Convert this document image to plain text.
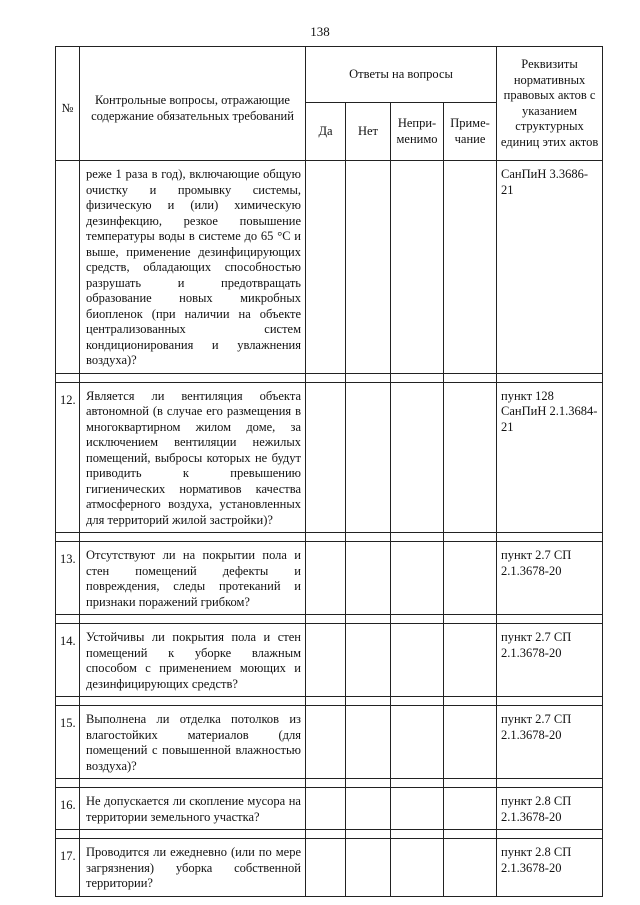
138
№	Контрольные вопросы, отражающие содержание обязательных требований	Ответы на вопросы				Реквизиты нормативных правовых актов с указанием структурных единиц этих актов
		Да	Нет	Непри-менимо	Приме-чание	
	реже 1 раза в год), включающие общую очистку и промывку системы, физическую и (или) химическую дезинфекцию, резкое повышение температуры воды в системе до 65 °С и выше, применение дезинфицирующих средств, обладающих способностью разрушать и предотвращать образование новых микробных биопленок (при наличии на объекте централизованных систем кондиционирования и увлажнения воздуха)?					СанПиН 3.3686-21

12.	Является ли вентиляция объекта автономной (в случае его размещения в многоквартирном жилом доме, за исключением вентиляции нежилых помещений, выбросы которых не будут приводить к превышению гигиенических нормативов качества атмосферного воздуха, установленных для территорий жилой застройки)?					пункт 128 СанПиН 2.1.3684-21

13.	Отсутствуют ли на покрытии пола и стен помещений дефекты и повреждения, следы протеканий и признаки поражений грибком?					пункт 2.7 СП 2.1.3678-20

14.	Устойчивы ли покрытия пола и стен помещений к уборке влажным способом с применением моющих и дезинфицирующих средств?					пункт 2.7 СП 2.1.3678-20

15.	Выполнена ли отделка потолков из влагостойких материалов (для помещений с повышенной влажностью воздуха)?					пункт 2.7 СП 2.1.3678-20

16.	Не допускается ли скопление мусора на территории земельного участка?					пункт 2.8 СП 2.1.3678-20

17.	Проводится ли ежедневно (или по мере загрязнения) уборка собственной территории?					пункт 2.8 СП 2.1.3678-20
